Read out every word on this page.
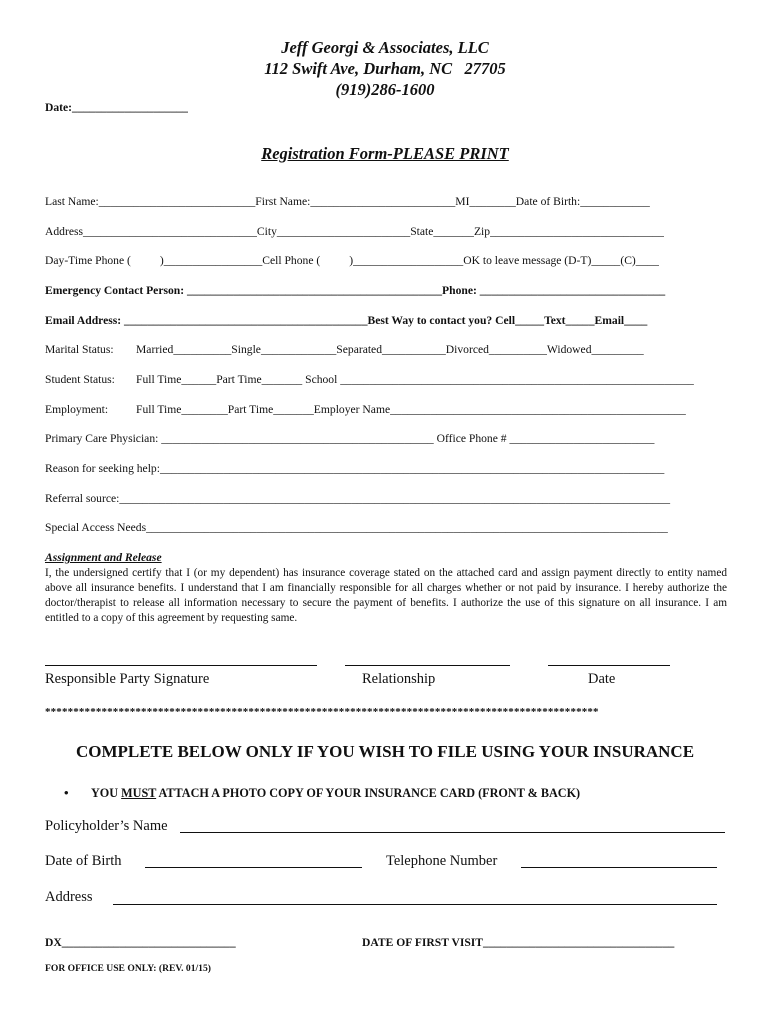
Jeff Georgi & Associates, LLC
112 Swift Ave, Durham, NC   27705
(919)286-1600
Date:____________________
Registration Form-PLEASE PRINT
Last Name:___________________________First Name:_________________________MI________Date of Birth:____________
Address______________________________City_______________________State_______Zip______________________________
Day-Time Phone (          )_________________Cell Phone (          )___________________OK to leave message (D-T)_____(C)____
Emergency Contact Person: ____________________________________________Phone: ________________________________
Email Address: __________________________________________Best Way to contact you? Cell_____Text_____Email____
Marital Status: Married__________Single_____________Separated___________Divorced__________Widowed_________
Student Status: Full Time______Part Time_______ School _____________________________________________________________
Employment: Full Time________Part Time_______Employer Name___________________________________________________
Primary Care Physician: _______________________________________________ Office Phone # _________________________
Reason for seeking help:_______________________________________________________________________________________
Referral source:_______________________________________________________________________________________________
Special Access Needs__________________________________________________________________________________________
Assignment and Release
I, the undersigned certify that I (or my dependent) has insurance coverage stated on the attached card and assign payment directly to entity named above all insurance benefits. I understand that I am financially responsible for all charges whether or not paid by insurance. I hereby authorize the doctor/therapist to release all information necessary to secure the payment of benefits. I authorize the use of this signature on all insurance. I am entitled to a copy of this agreement by requesting same.
Responsible Party Signature	Relationship	Date
**************************************************************************************************
COMPLETE BELOW ONLY IF YOU WISH TO FILE USING YOUR INSURANCE
• YOU MUST ATTACH A PHOTO COPY OF YOUR INSURANCE CARD (FRONT & BACK)
Policyholder’s Name
Date of Birth	Telephone Number
Address
DX______________________________	DATE OF FIRST VISIT_________________________________
FOR OFFICE USE ONLY: (REV. 01/15)
